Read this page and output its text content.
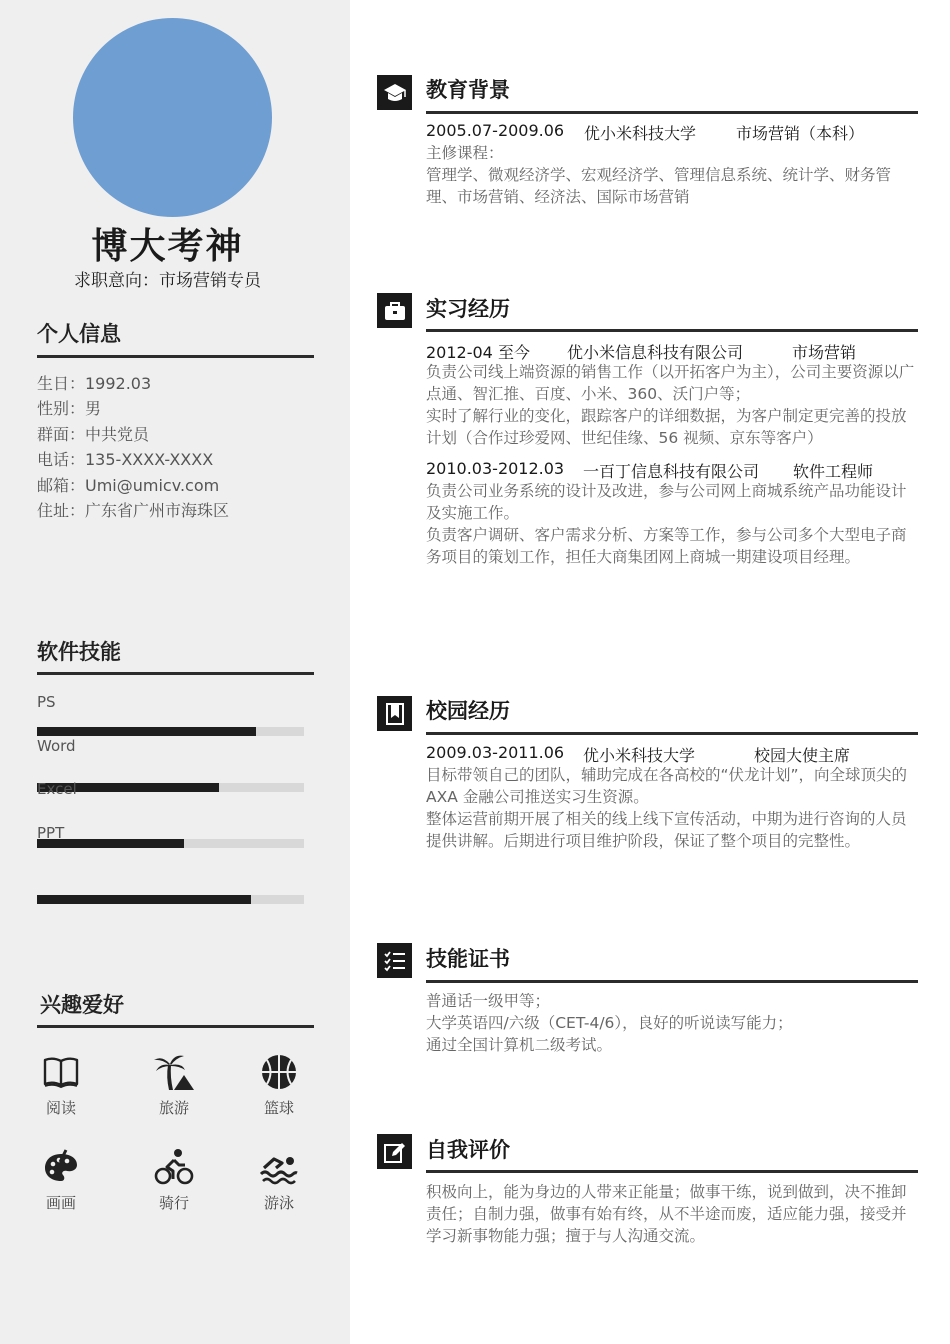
博大考神
求职意向：市场营销专员
个人信息
生日：1992.03
性别：男
群面：中共党员
电话：135-XXXX-XXXX
邮箱：Umi@umicv.com
住址：广东省广州市海珠区
软件技能
PS
Word
Excel
PPT
兴趣爱好
阅读	旅游	篮球
画画	骑行	游泳
教育背景
2005.07-2009.06 优小米科技大学 市场营销（本科）

主修课程：

管理学、微观经济学、宏观经济学、管理信息系统、统计学、财务管理、市场营销、经济法、国际市场营销

实习经历
2012-04 至今 优小米信息科技有限公司	市场营销

负责公司线上端资源的销售工作（以开拓客户为主），公司主要资源以广点通、智汇推、百度、小米、360、沃门户等；

实时了解行业的变化，跟踪客户的详细数据，为客户制定更完善的投放计划（合作过珍爱网、世纪佳缘、56 视频、京东等客户）

2010.03-2012.03 一百丁信息科技有限公司 软件工程师

负责公司业务系统的设计及改进，参与公司网上商城系统产品功能设计及实施工作。

负责客户调研、客户需求分析、方案等工作，参与公司多个大型电子商务项目的策划工作，担任大商集团网上商城一期建设项目经理。

校园经历
2009.03-2011.06 优小米科技大学	校园大使主席

目标带领自己的团队，辅助完成在各高校的“伏龙计划”，向全球顶尖的 AXA 金融公司推送实习生资源。

整体运营前期开展了相关的线上线下宣传活动，中期为进行咨询的人员提供讲解。后期进行项目维护阶段，保证了整个项目的完整性。

技能证书

普通话一级甲等；

大学英语四/六级（CET-4/6），良好的听说读写能力；

通过全国计算机二级考试。

自我评价
积极向上，能为身边的人带来正能量；做事干练，说到做到，决不推卸责任；自制力强，做事有始有终，从不半途而废，适应能力强，接受并学习新事物能力强；擅于与人沟通交流。
